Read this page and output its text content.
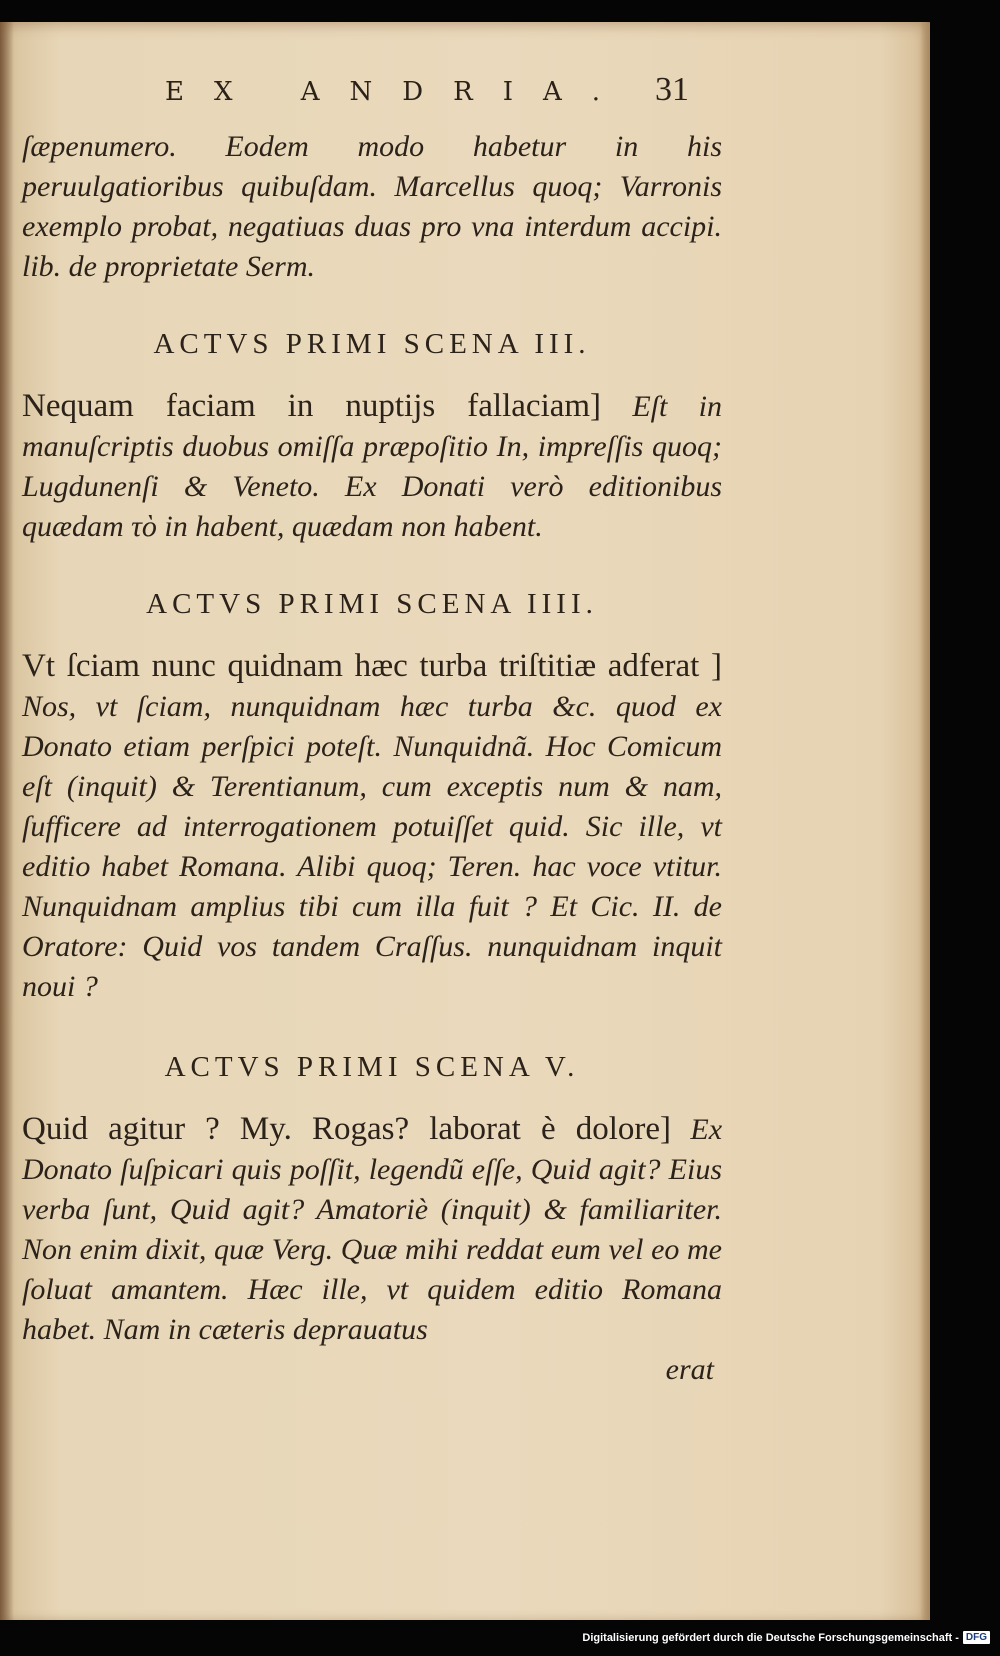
EX ANDRIA. 31

ſæpenumero. Eodem modo habetur in his peruulgatioribus quibuſdam. Marcellus quoq; Varronis exemplo probat, negatiuas duas pro vna interdum accipi. lib. de proprietate Serm.

ACTVS PRIMI SCENA III.

Nequam faciam in nuptijs fallaciam] Eſt in manuſcriptis duobus omiſſa præpoſitio In, impreſſis quoq; Lugdunenſi & Veneto. Ex Donati verò editionibus quædam τὸ in habent, quædam non habent.

ACTVS PRIMI SCENA IIII.

Vt ſciam nunc quidnam hæc turba triſtitiæ adferat ] Nos, vt ſciam, nunquidnam hæc turba &c. quod ex Donato etiam perſpici poteſt. Nunquidnã. Hoc Comicum eſt (inquit) & Terentianum, cum exceptis num & nam, ſufficere ad interrogationem potuiſſet quid. Sic ille, vt editio habet Romana. Alibi quoq; Teren. hac voce vtitur. Nunquidnam amplius tibi cum illa fuit ? Et Cic. II. de Oratore: Quid vos tandem Craſſus. nunquidnam inquit noui ?

ACTVS PRIMI SCENA V.

Quid agitur ? My. Rogas? laborat è dolore] Ex Donato ſuſpicari quis poſſit, legendũ eſſe, Quid agit? Eius verba ſunt, Quid agit? Amatoriè (inquit) & familiariter. Non enim dixit, quæ Verg. Quæ mihi reddat eum vel eo me ſoluat amantem. Hæc ille, vt quidem editio Romana habet. Nam in cæteris deprauatus

erat

Digitalisierung gefördert durch die Deutsche Forschungsgemeinschaft - DFG
